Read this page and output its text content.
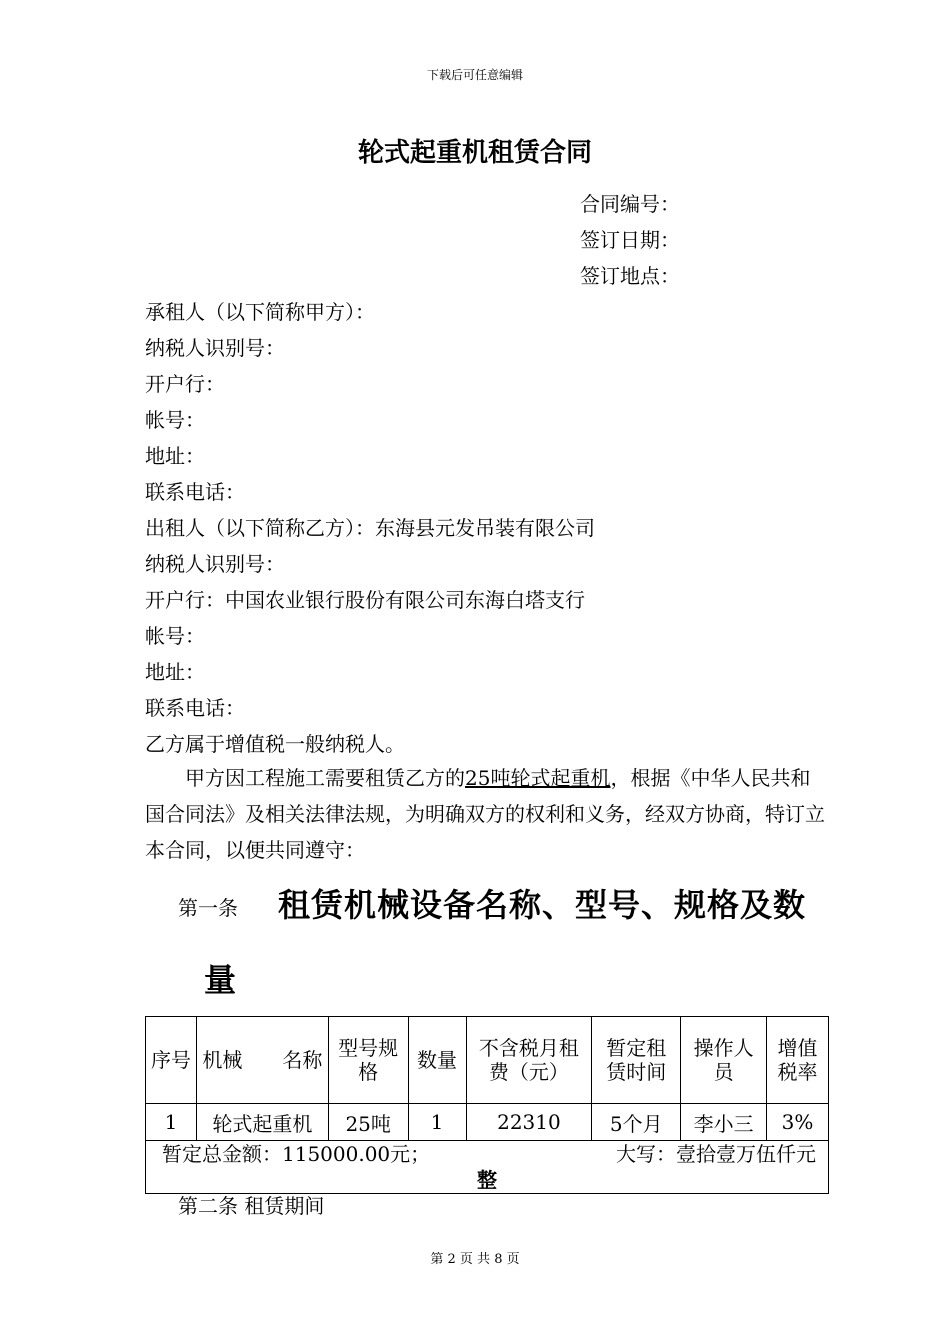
下载后可任意编辑
轮式起重机租赁合同
合同编号：
签订日期：
签订地点：
承租人（以下简称甲方）：
纳税人识别号：
开户行：
帐号：
地址：
联系电话：
出租人（以下简称乙方）：东海县元发吊装有限公司
纳税人识别号：
开户行：中国农业银行股份有限公司东海白塔支行
帐号：
地址：
联系电话：
乙方属于增值税一般纳税人。
甲方因工程施工需要租赁乙方的25吨轮式起重机，根据《中华人民共和国合同法》及相关法律法规，为明确双方的权利和义务，经双方协商，特订立本合同，以便共同遵守：
第一条 租赁机械设备名称、型号、规格及数
量
序号	机械　　名称	型号规格	数量	不含税月租费（元）	暂定租赁时间	操作人员	增值税率
1	轮式起重机	25吨	1	22310	5个月	李小三	3%

暂定总金额：115000.00元； 大写：壹拾壹万伍仟元
整							
第二条 租赁期间
第 2 页 共 8 页
